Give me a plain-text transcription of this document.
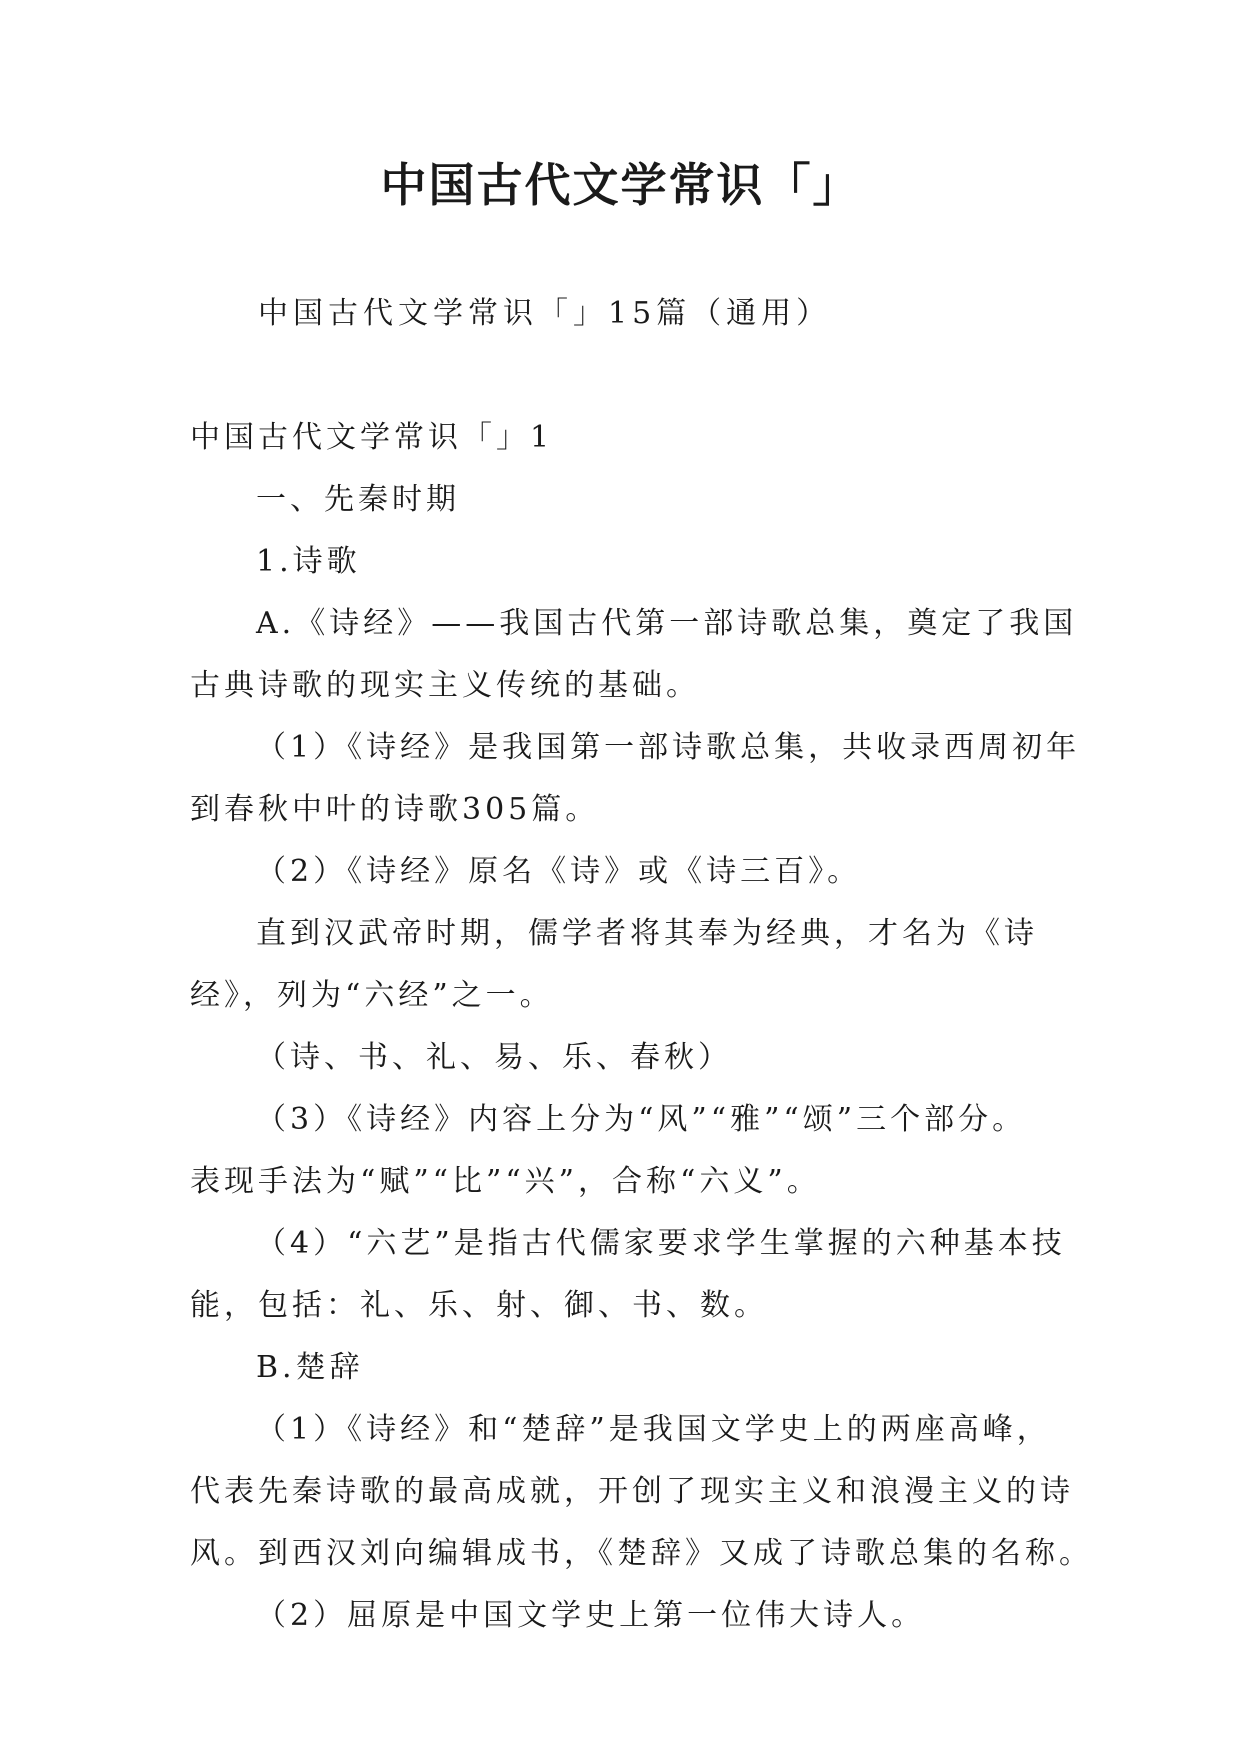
中国古代文学常识「」

中国古代文学常识「」15篇（通用）

中国古代文学常识「」1

一、先秦时期

1.诗歌

A.《诗经》——我国古代第一部诗歌总集，奠定了我国

古典诗歌的现实主义传统的基础。

（1）《诗经》是我国第一部诗歌总集，共收录西周初年

到春秋中叶的诗歌305篇。

（2）《诗经》原名《诗》或《诗三百》。

直到汉武帝时期，儒学者将其奉为经典，才名为《诗

经》，列为“六经”之一。

（诗、书、礼、易、乐、春秋）

（3）《诗经》内容上分为“风”“雅”“颂”三个部分。

表现手法为“赋”“比”“兴”，合称“六义”。

（4）“六艺”是指古代儒家要求学生掌握的六种基本技

能，包括：礼、乐、射、御、书、数。

B.楚辞

（1）《诗经》和“楚辞”是我国文学史上的两座高峰，

代表先秦诗歌的最高成就，开创了现实主义和浪漫主义的诗

风。到西汉刘向编辑成书，《楚辞》又成了诗歌总集的名称。

（2）屈原是中国文学史上第一位伟大诗人。
